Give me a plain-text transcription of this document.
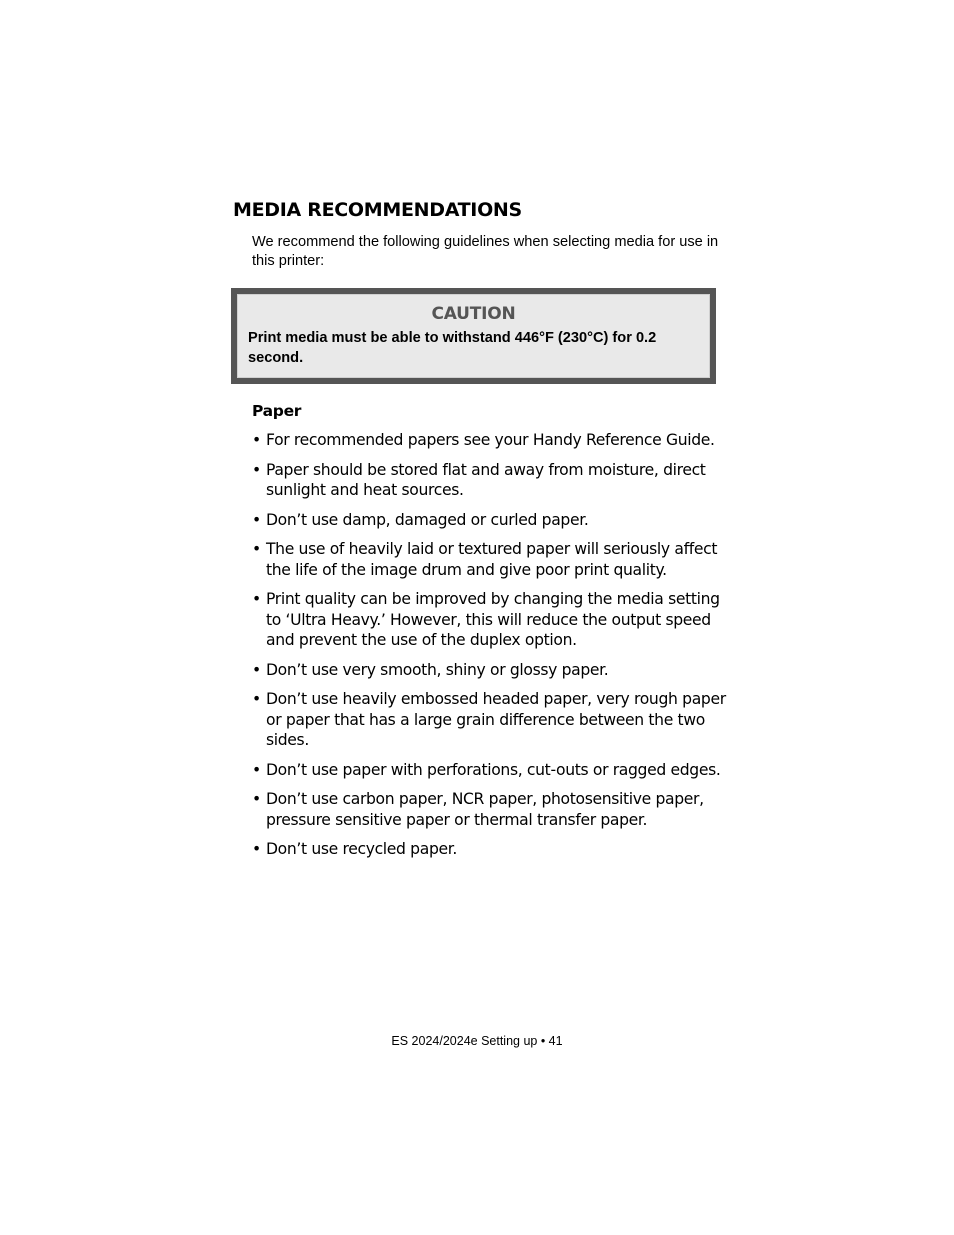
MEDIA RECOMMENDATIONS

We recommend the following guidelines when selecting media for use in this printer:

CAUTION
Print media must be able to withstand 446°F (230°C) for 0.2 second.
Paper
• For recommended papers see your Handy Reference Guide.
• Paper should be stored flat and away from moisture, direct sunlight and heat sources.
• Don’t use damp, damaged or curled paper.
• The use of heavily laid or textured paper will seriously affect the life of the image drum and give poor print quality.
• Print quality can be improved by changing the media setting to ‘Ultra Heavy.’ However, this will reduce the output speed and prevent the use of the duplex option.
• Don’t use very smooth, shiny or glossy paper.
• Don’t use heavily embossed headed paper, very rough paper or paper that has a large grain difference between the two sides.
• Don’t use paper with perforations, cut-outs or ragged edges.
• Don’t use carbon paper, NCR paper, photosensitive paper, pressure sensitive paper or thermal transfer paper.
• Don’t use recycled paper.
ES 2024/2024e Setting up • 41
